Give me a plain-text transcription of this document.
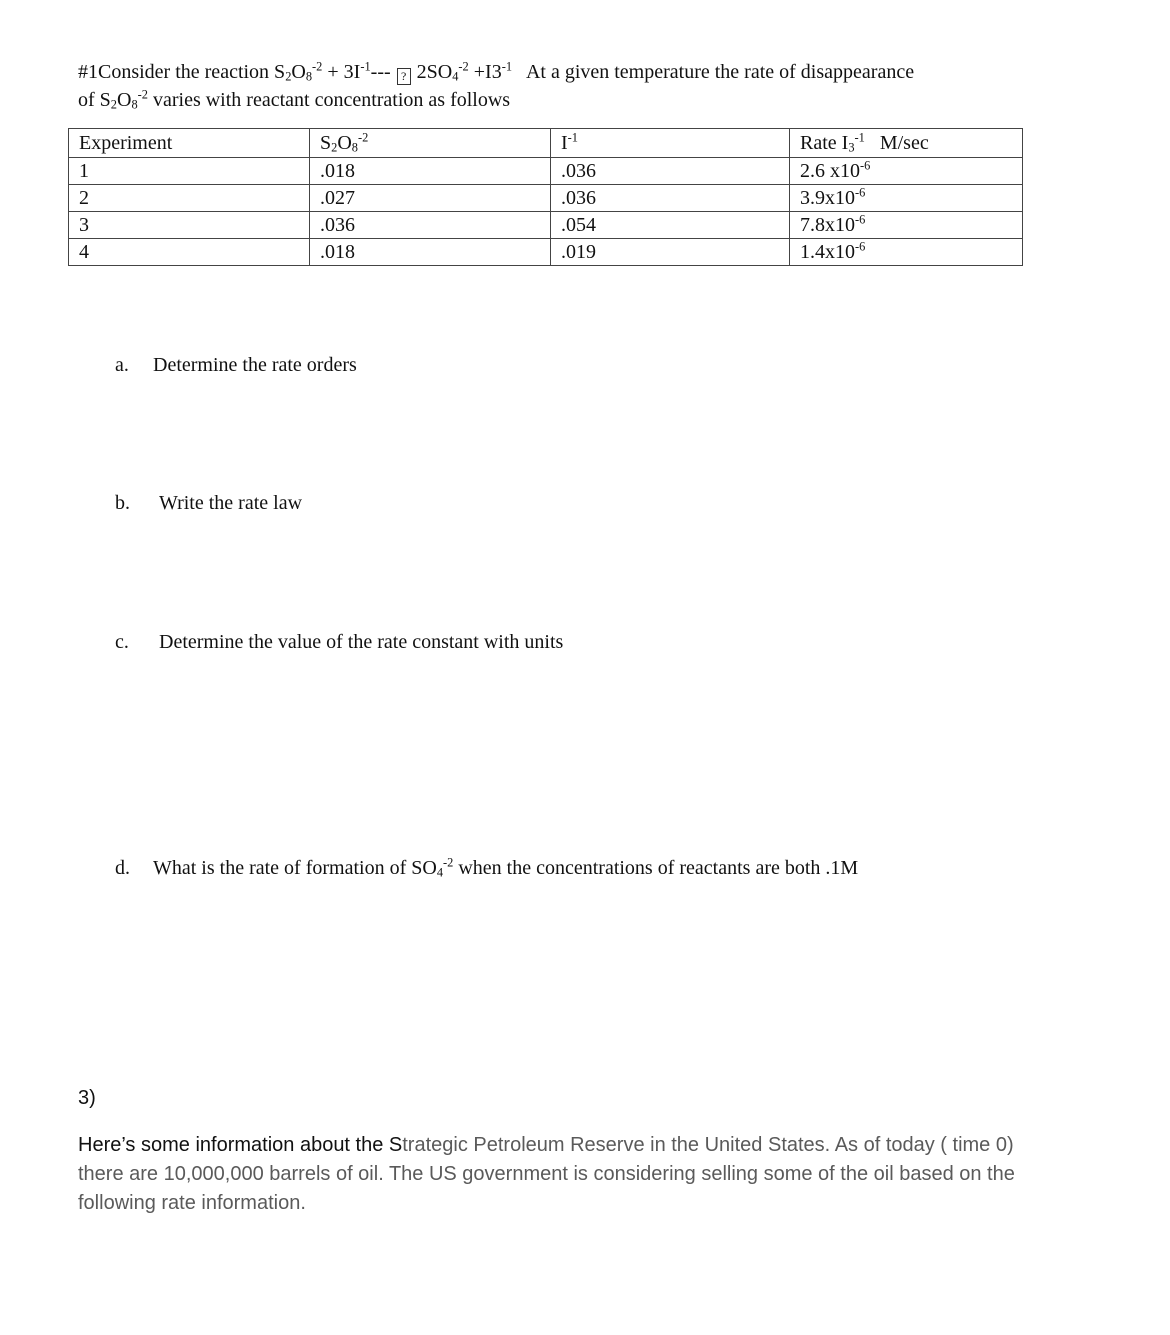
#1Consider the reaction $S_2O_8^{-2} + 3I^{-1}---$ ? $2SO_4^{-2} +I3^{-1}$ At a given temperature the rate of disappearance
of $S_2O_8^{-2}$ varies with reactant concentration as follows
Experiment	$S_2O_8^{-2}$	$I^{-1}$	Rate $I_3^{-1}$ M/sec
1	.018	.036	2.6 $x10^{-6}$
2	.027	.036	$3.9x10^{-6}$
3	.036	.054	$7.8x10^{-6}$
4	.018	.019	$1.4x10^{-6}$
a. Determine the rate orders
b. Write the rate law
c. Determine the value of the rate constant with units
d. What is the rate of formation of $SO_4^{-2}$ when the concentrations of reactants are both .1M
3)
Here’s some information about the Strategic Petroleum Reserve in the United States. As of today ( time 0) there are 10,000,000 barrels of oil. The US government is considering selling some of the oil based on the following rate information.
